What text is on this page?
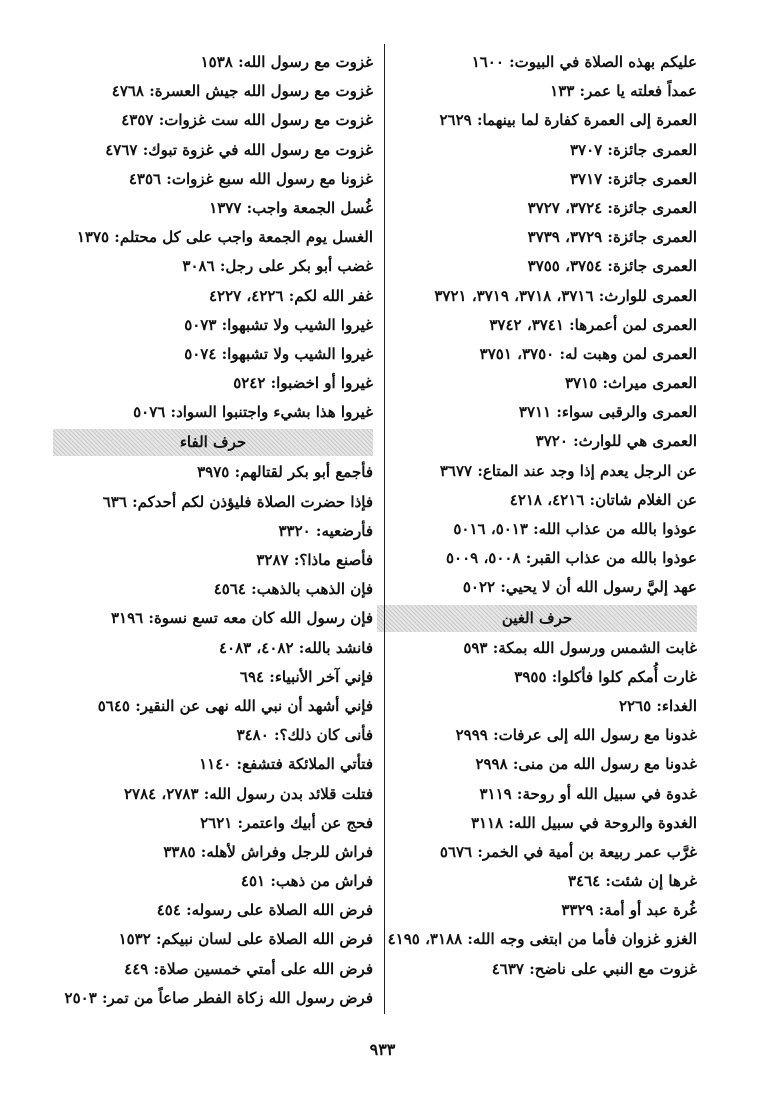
عليكم بهذه الصلاة في البيوت: ١٦٠٠
عمداً فعلته يا عمر: ١٣٣
العمرة إلى العمرة كفارة لما بينهما: ٢٦٢٩
العمرى جائزة: ٣٧٠٧
العمرى جائزة: ٣٧١٧
العمرى جائزة: ٣٧٢٤، ٣٧٢٧
العمرى جائزة: ٣٧٢٩، ٣٧٣٩
العمرى جائزة: ٣٧٥٤، ٣٧٥٥
العمرى للوارث: ٣٧١٦، ٣٧١٨، ٣٧١٩، ٣٧٢١
العمرى لمن أعمرها: ٣٧٤١، ٣٧٤٢
العمرى لمن وهبت له: ٣٧٥٠، ٣٧٥١
العمرى ميراث: ٣٧١٥
العمرى والرقبى سواء: ٣٧١١
العمرى هي للوارث: ٣٧٢٠
عن الرجل يعدم إذا وجد عند المتاع: ٣٦٧٧
عن الغلام شاتان: ٤٢١٦، ٤٢١٨
عوذوا بالله من عذاب الله: ٥٠١٣، ٥٠١٦
عوذوا بالله من عذاب القبر: ٥٠٠٨، ٥٠٠٩
عهد إليَّ رسول الله أن لا يحيي: ٥٠٢٢
حرف الغين
غابت الشمس ورسول الله بمكة: ٥٩٣
غارت أُمكم كلوا فأكلوا: ٣٩٥٥
الغداء: ٢٢٦٥
غدونا مع رسول الله إلى عرفات: ٢٩٩٩
غدونا مع رسول الله من منى: ٢٩٩٨
غدوة في سبيل الله أو روحة: ٣١١٩
الغدوة والروحة في سبيل الله: ٣١١٨
غرَّب عمر ربيعة بن أمية في الخمر: ٥٦٧٦
غرها إن شئت: ٣٤٦٤
غُرة عبد أو أمة: ٣٣٢٩
الغزو غزوان فأما من ابتغى وجه الله: ٣١٨٨، ٤١٩٥
غزوت مع النبي على ناضح: ٤٦٣٧
غزوت مع رسول الله: ١٥٣٨
غزوت مع رسول الله جيش العسرة: ٤٧٦٨
غزوت مع رسول الله ست غزوات: ٤٣٥٧
غزوت مع رسول الله في غزوة تبوك: ٤٧٦٧
غزونا مع رسول الله سبع غزوات: ٤٣٥٦
غُسل الجمعة واجب: ١٣٧٧
الغسل يوم الجمعة واجب على كل محتلم: ١٣٧٥
غضب أبو بكر على رجل: ٣٠٨٦
غفر الله لكم: ٤٢٢٦، ٤٢٢٧
غيروا الشيب ولا تشبهوا: ٥٠٧٣
غيروا الشيب ولا تشبهوا: ٥٠٧٤
غيروا أو اخضبوا: ٥٢٤٢
غيروا هذا بشيء واجتنبوا السواد: ٥٠٧٦
حرف الفاء
فأجمع أبو بكر لقتالهم: ٣٩٧٥
فإذا حضرت الصلاة فليؤذن لكم أحدكم: ٦٣٦
فأرضعيه: ٣٣٢٠
فأصنع ماذا؟: ٣٢٨٧
فإن الذهب بالذهب: ٤٥٦٤
فإن رسول الله كان معه تسع نسوة: ٣١٩٦
فانشد بالله: ٤٠٨٢، ٤٠٨٣
فإني آخر الأنبياء: ٦٩٤
فإني أشهد أن نبي الله نهى عن النقير: ٥٦٤٥
فأنى كان ذلك؟: ٣٤٨٠
فتأتي الملائكة فتشفع: ١١٤٠
فتلت قلائد بدن رسول الله: ٢٧٨٣، ٢٧٨٤
فحج عن أبيك واعتمر: ٢٦٢١
فراش للرجل وفراش لأهله: ٣٣٨٥
فراش من ذهب: ٤٥١
فرض الله الصلاة على رسوله: ٤٥٤
فرض الله الصلاة على لسان نبيكم: ١٥٣٢
فرض الله على أمتي خمسين صلاة: ٤٤٩
فرض رسول الله زكاة الفطر صاعاً من تمر: ٢٥٠٣
٩٣٣
